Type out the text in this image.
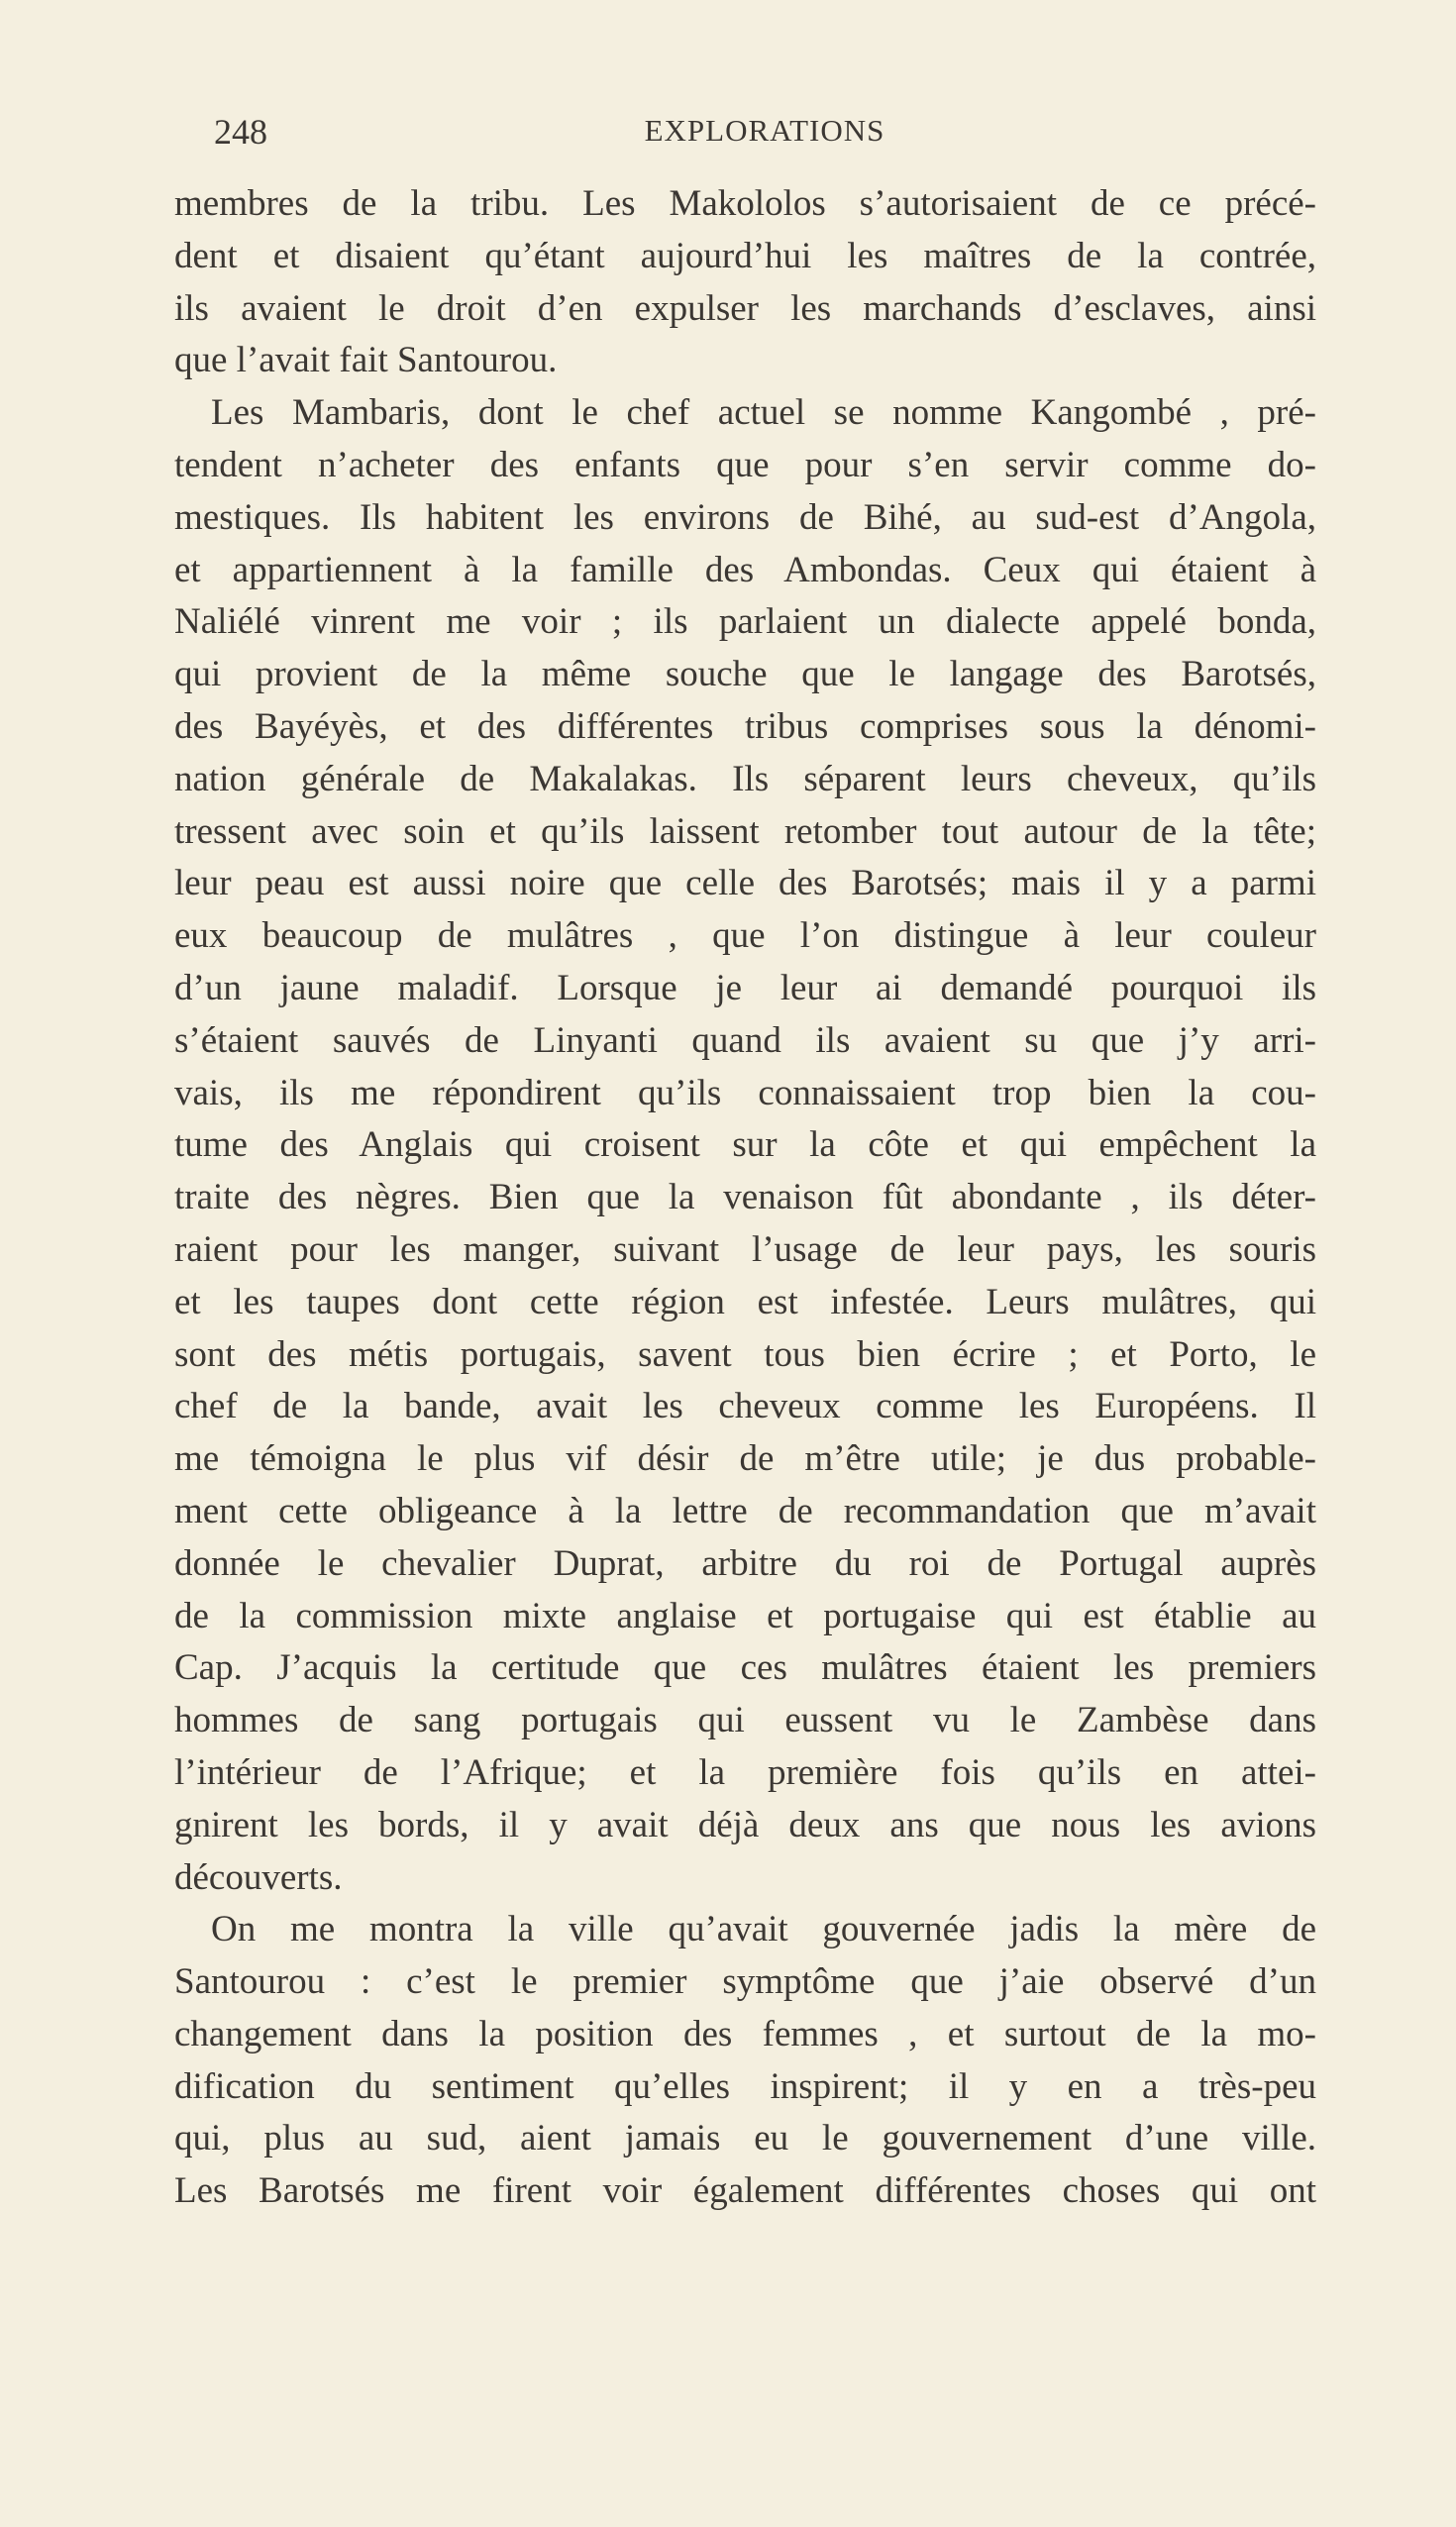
248	EXPLORATIONS
membres de la tribu. Les Makololos s’autorisaient de ce précé-
dent et disaient qu’étant aujourd’hui les maîtres de la contrée,
ils avaient le droit d’en expulser les marchands d’esclaves, ainsi
que l’avait fait Santourou.
Les Mambaris, dont le chef actuel se nomme Kangombé , pré-
tendent n’acheter des enfants que pour s’en servir comme do-
mestiques. Ils habitent les environs de Bihé, au sud-est d’Angola,
et appartiennent à la famille des Ambondas. Ceux qui étaient à
Naliélé vinrent me voir ; ils parlaient un dialecte appelé bonda,
qui provient de la même souche que le langage des Barotsés,
des Bayéyès, et des différentes tribus comprises sous la dénomi-
nation générale de Makalakas. Ils séparent leurs cheveux, qu’ils
tressent avec soin et qu’ils laissent retomber tout autour de la tête;
leur peau est aussi noire que celle des Barotsés; mais il y a parmi
eux beaucoup de mulâtres , que l’on distingue à leur couleur
d’un jaune maladif. Lorsque je leur ai demandé pourquoi ils
s’étaient sauvés de Linyanti quand ils avaient su que j’y arri-
vais, ils me répondirent qu’ils connaissaient trop bien la cou-
tume des Anglais qui croisent sur la côte et qui empêchent la
traite des nègres. Bien que la venaison fût abondante , ils déter-
raient pour les manger, suivant l’usage de leur pays, les souris
et les taupes dont cette région est infestée. Leurs mulâtres, qui
sont des métis portugais, savent tous bien écrire ; et Porto, le
chef de la bande, avait les cheveux comme les Européens. Il
me témoigna le plus vif désir de m’être utile; je dus probable-
ment cette obligeance à la lettre de recommandation que m’avait
donnée le chevalier Duprat, arbitre du roi de Portugal auprès
de la commission mixte anglaise et portugaise qui est établie au
Cap. J’acquis la certitude que ces mulâtres étaient les premiers
hommes de sang portugais qui eussent vu le Zambèse dans
l’intérieur de l’Afrique; et la première fois qu’ils en attei-
gnirent les bords, il y avait déjà deux ans que nous les avions
découverts.
On me montra la ville qu’avait gouvernée jadis la mère de
Santourou : c’est le premier symptôme que j’aie observé d’un
changement dans la position des femmes , et surtout de la mo-
dification du sentiment qu’elles inspirent; il y en a très-peu
qui, plus au sud, aient jamais eu le gouvernement d’une ville.
Les Barotsés me firent voir également différentes choses qui ont
